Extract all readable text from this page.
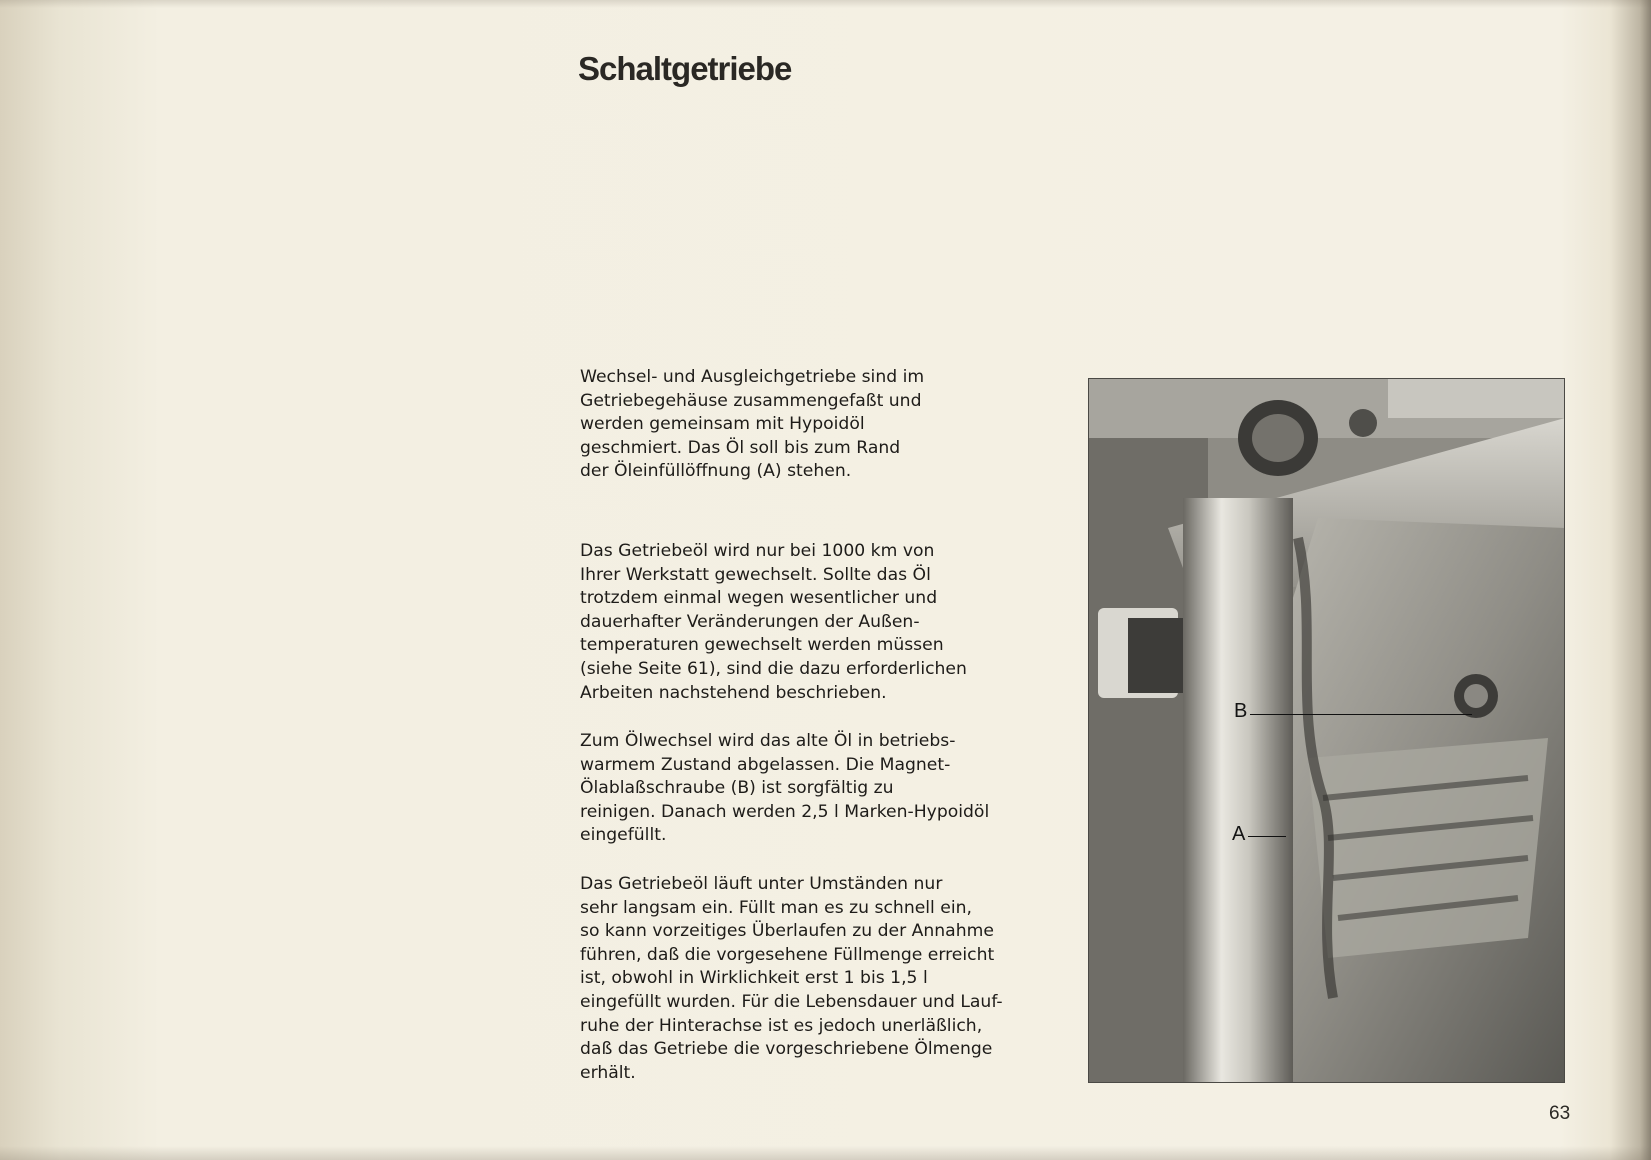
Schaltgetriebe

Wechsel- und Ausgleichgetriebe sind im
Getriebegehäuse zusammengefaßt und
werden gemeinsam mit Hypoidöl
geschmiert. Das Öl soll bis zum Rand
der Öleinfüllöffnung (A) stehen.

Das Getriebeöl wird nur bei 1000 km von
Ihrer Werkstatt gewechselt. Sollte das Öl
trotzdem einmal wegen wesentlicher und
dauerhafter Veränderungen der Außen-
temperaturen gewechselt werden müssen
(siehe Seite 61), sind die dazu erforderlichen
Arbeiten nachstehend beschrieben.

Zum Ölwechsel wird das alte Öl in betriebs-
warmem Zustand abgelassen. Die Magnet-
Ölablaßschraube (B) ist sorgfältig zu
reinigen. Danach werden 2,5 l Marken-Hypoidöl
eingefüllt.

Das Getriebeöl läuft unter Umständen nur
sehr langsam ein. Füllt man es zu schnell ein,
so kann vorzeitiges Überlaufen zu der Annahme
führen, daß die vorgesehene Füllmenge erreicht
ist, obwohl in Wirklichkeit erst 1 bis 1,5 l
eingefüllt wurden. Für die Lebensdauer und Lauf-
ruhe der Hinterachse ist es jedoch unerläßlich,
daß das Getriebe die vorgeschriebene Ölmenge
erhält.

B
A
63
